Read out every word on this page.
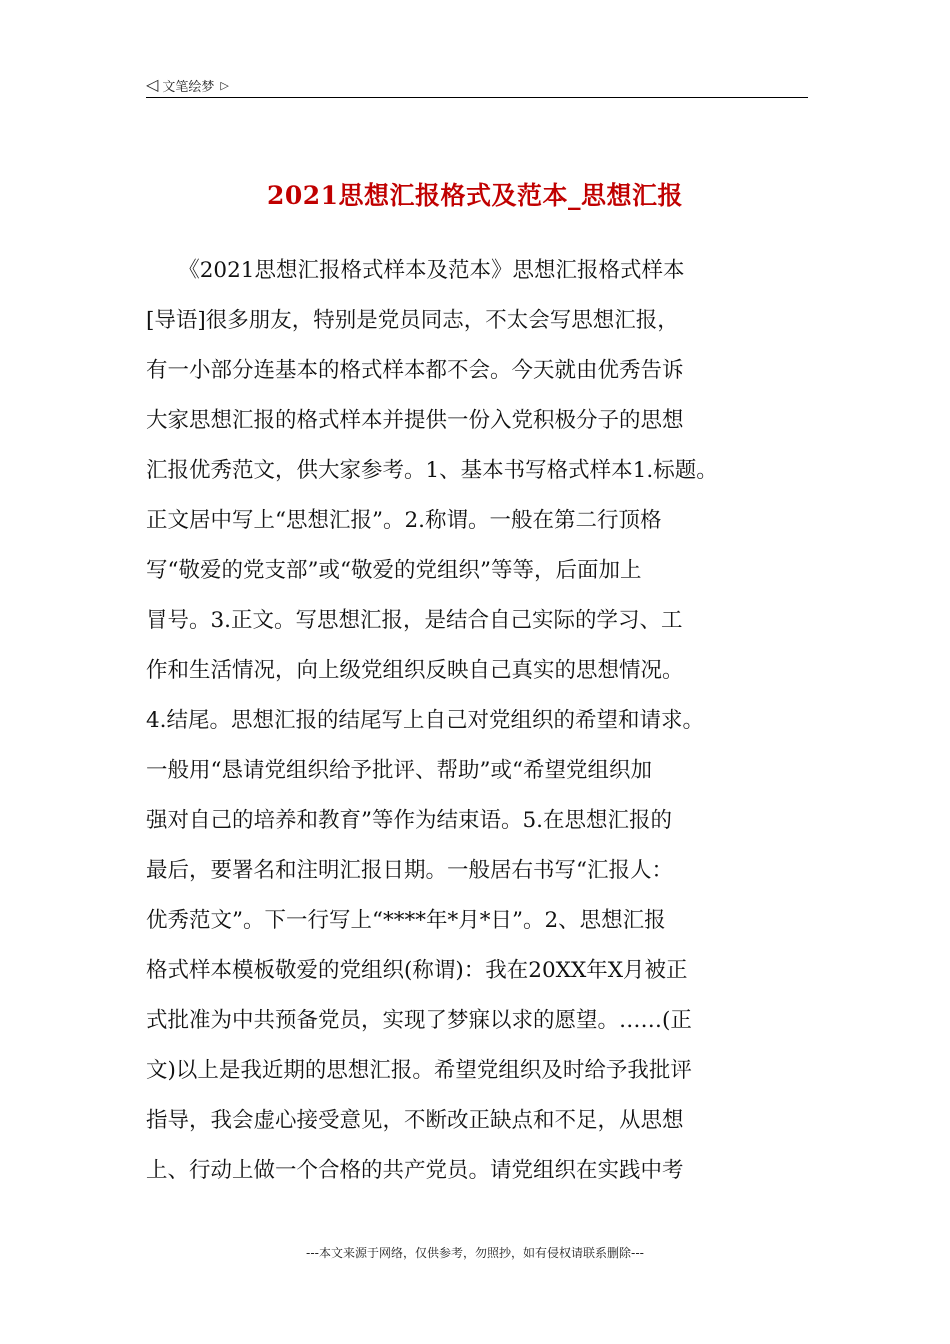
◁ 文笔绘梦 ▷
2021思想汇报格式及范本_思想汇报
　　《2021思想汇报格式样本及范本》思想汇报格式样本
[导语]很多朋友，特别是党员同志，不太会写思想汇报，
有一小部分连基本的格式样本都不会。今天就由优秀告诉
大家思想汇报的格式样本并提供一份入党积极分子的思想
汇报优秀范文，供大家参考。1、基本书写格式样本1.标题。
正文居中写上“思想汇报”。2.称谓。一般在第二行顶格
写“敬爱的党支部”或“敬爱的党组织”等等，后面加上
冒号。3.正文。写思想汇报，是结合自己实际的学习、工
作和生活情况，向上级党组织反映自己真实的思想情况。
4.结尾。思想汇报的结尾写上自己对党组织的希望和请求。
一般用“恳请党组织给予批评、帮助”或“希望党组织加
强对自己的培养和教育”等作为结束语。5.在思想汇报的
最后，要署名和注明汇报日期。一般居右书写“汇报人：
优秀范文”。下一行写上“****年*月*日”。2、思想汇报
格式样本模板敬爱的党组织(称谓)：我在20XX年X月被正
式批准为中共预备党员，实现了梦寐以求的愿望。……(正
文)以上是我近期的思想汇报。希望党组织及时给予我批评
指导，我会虚心接受意见，不断改正缺点和不足，从思想
上、行动上做一个合格的共产党员。请党组织在实践中考
---本文来源于网络，仅供参考，勿照抄，如有侵权请联系删除---
